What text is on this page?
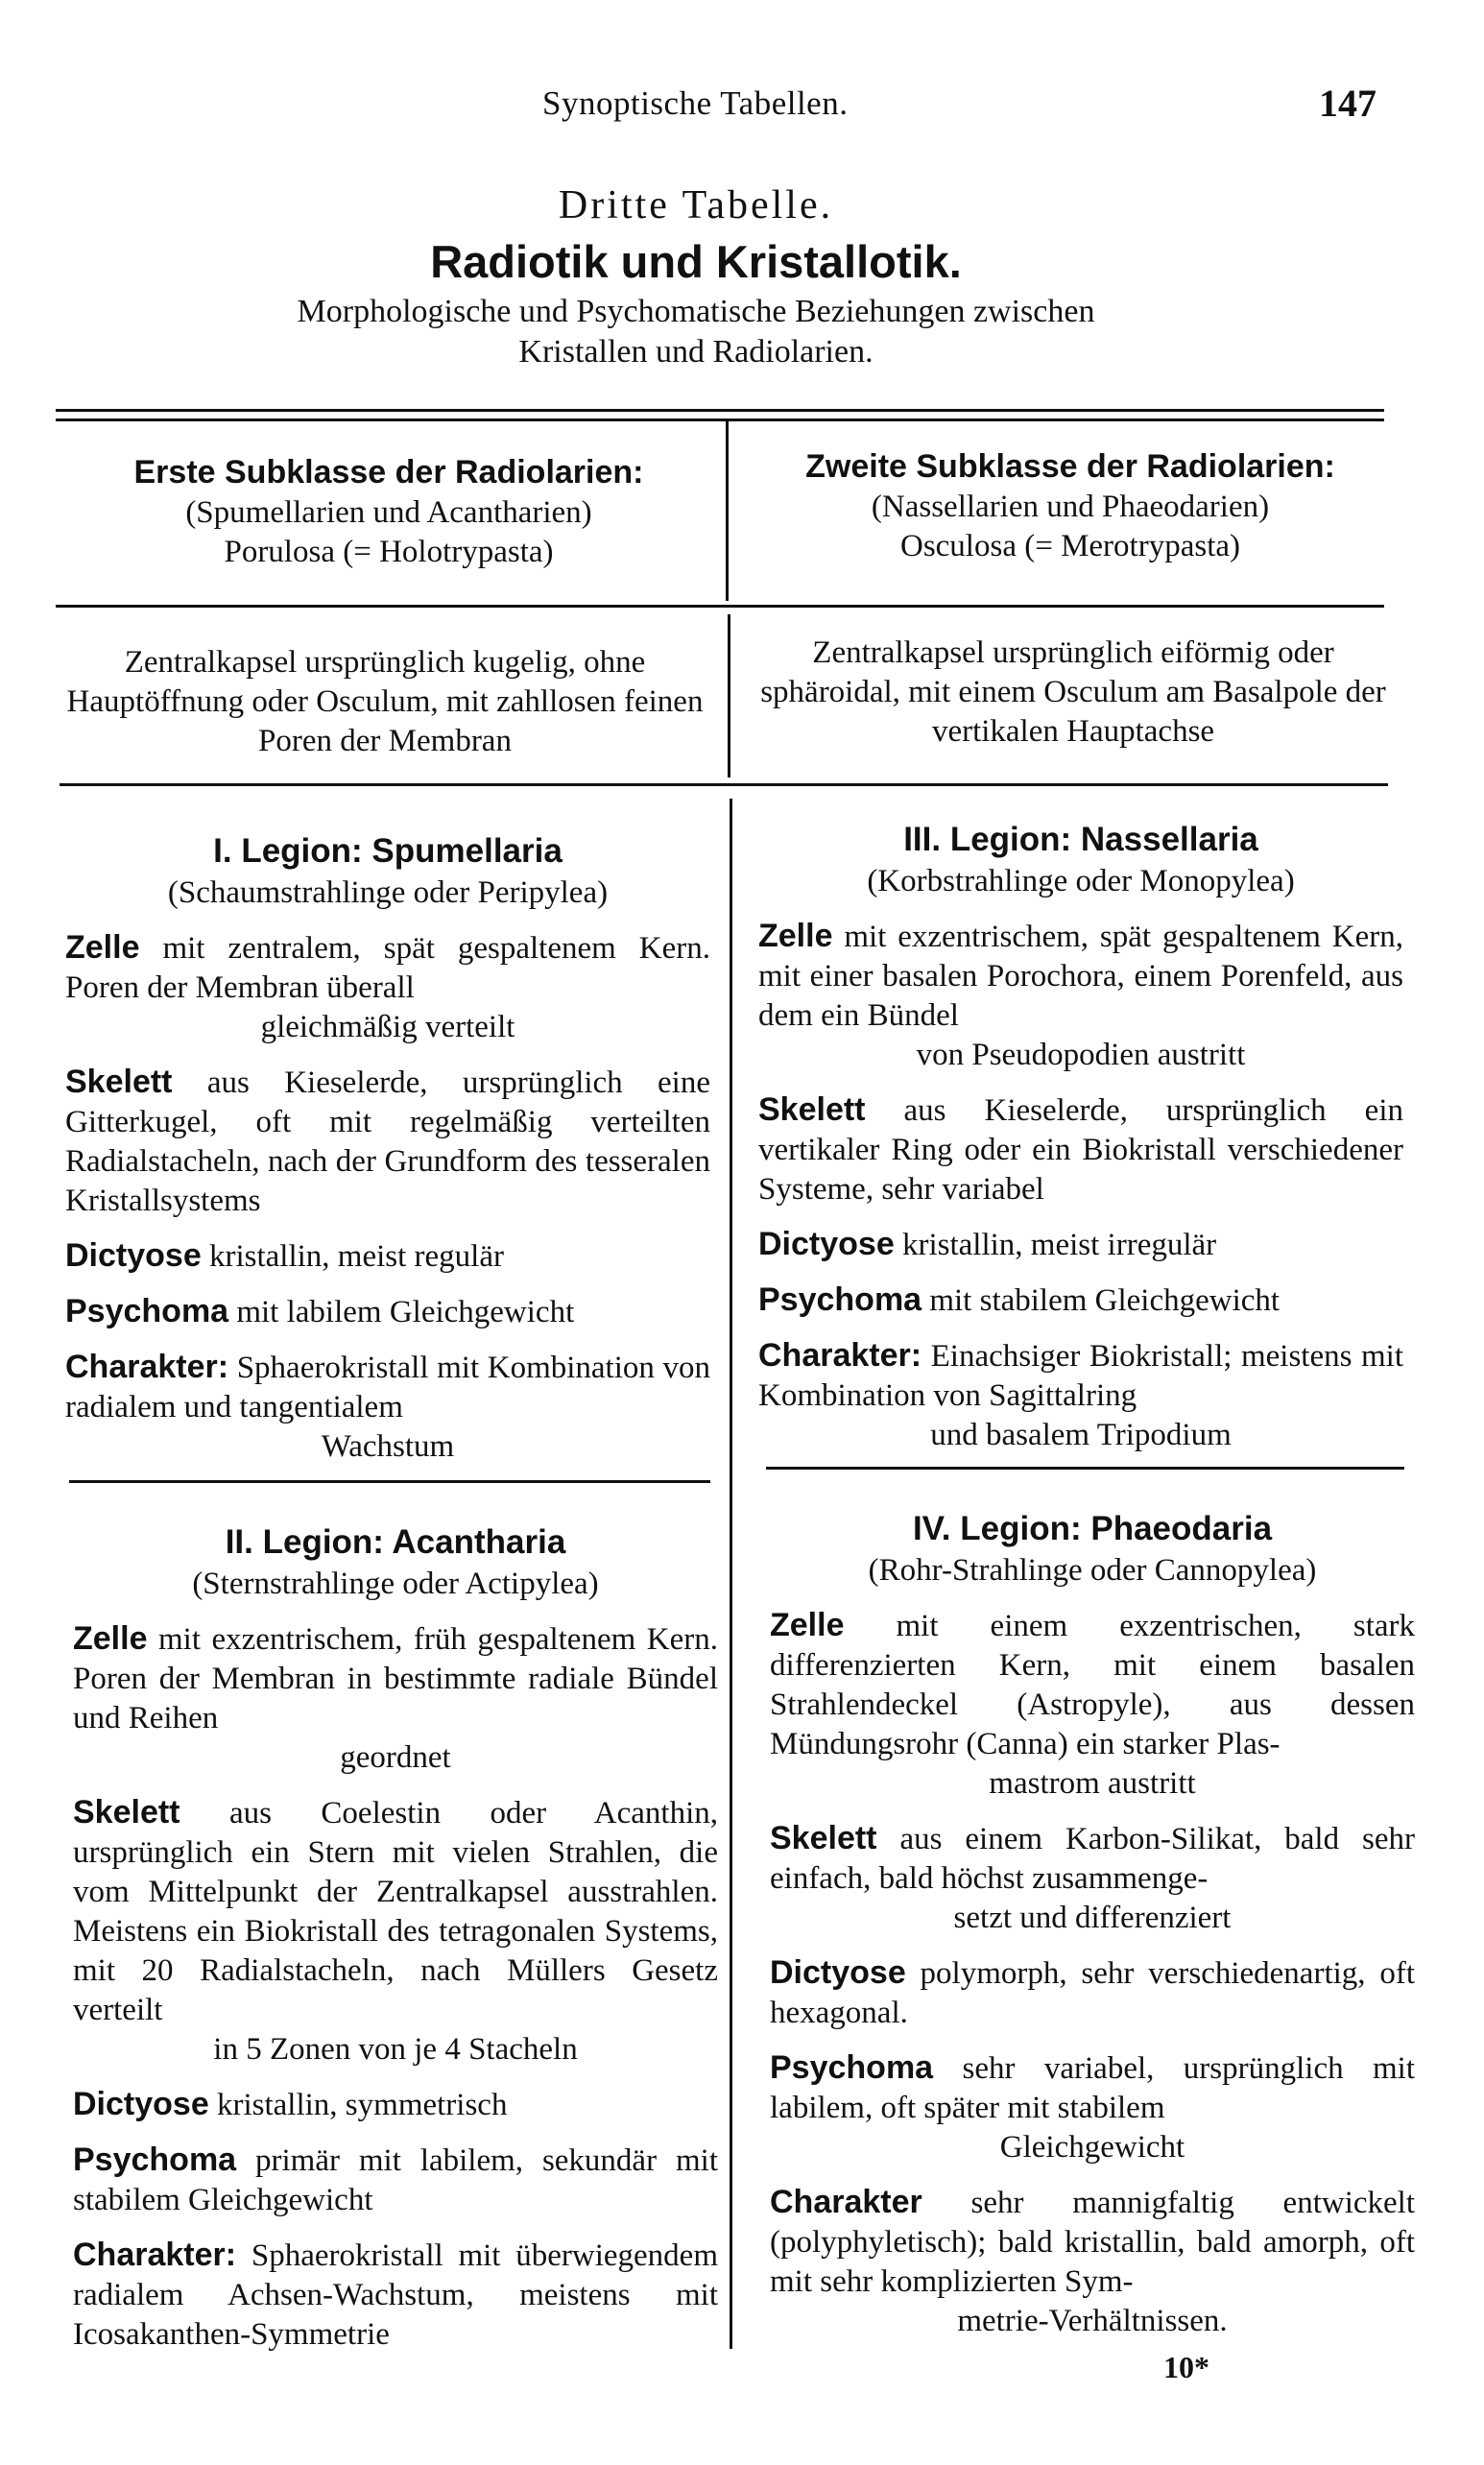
Synoptische Tabellen.	147
Dritte Tabelle.
Radiotik und Kristallotik.
Morphologische und Psychomatische Beziehungen zwischen
Kristallen und Radiolarien.
Erste Subklasse der Radiolarien:
(Spumellarien und Acantharien)
Porulosa (= Holotrypasta)
Zweite Subklasse der Radiolarien:
(Nassellarien und Phaeodarien)
Osculosa (= Merotrypasta)
Zentralkapsel ursprünglich kugelig, ohne Hauptöffnung oder Osculum, mit zahllosen feinen Poren der Membran
Zentralkapsel ursprünglich eiförmig oder sphäroidal, mit einem Osculum am Basalpole der vertikalen Hauptachse
I. Legion: Spumellaria
(Schaumstrahlinge oder Peripylea)
Zelle mit zentralem, spät gespaltenem Kern. Poren der Membran überall
gleichmäßig verteilt
Skelett aus Kieselerde, ursprünglich eine Gitterkugel, oft mit regelmäßig verteilten Radialstacheln, nach der Grundform des tesseralen Kristallsystems
Dictyose kristallin, meist regulär
Psychoma mit labilem Gleichgewicht
Charakter: Sphaerokristall mit Kombination von radialem und tangentialem
Wachstum
III. Legion: Nassellaria
(Korbstrahlinge oder Monopylea)
Zelle mit exzentrischem, spät gespaltenem Kern, mit einer basalen Porochora, einem Porenfeld, aus dem ein Bündel
von Pseudopodien austritt
Skelett aus Kieselerde, ursprünglich ein vertikaler Ring oder ein Biokristall verschiedener Systeme, sehr variabel
Dictyose kristallin, meist irregulär
Psychoma mit stabilem Gleichgewicht
Charakter: Einachsiger Biokristall; meistens mit Kombination von Sagittalring
und basalem Tripodium
II. Legion: Acantharia
(Sternstrahlinge oder Actipylea)
Zelle mit exzentrischem, früh gespaltenem Kern. Poren der Membran in bestimmte radiale Bündel und Reihen
geordnet
Skelett aus Coelestin oder Acanthin, ursprünglich ein Stern mit vielen Strahlen, die vom Mittelpunkt der Zentralkapsel ausstrahlen. Meistens ein Biokristall des tetragonalen Systems, mit 20 Radialstacheln, nach Müllers Gesetz verteilt
in 5 Zonen von je 4 Stacheln
Dictyose kristallin, symmetrisch
Psychoma primär mit labilem, sekundär mit stabilem Gleichgewicht
Charakter: Sphaerokristall mit überwiegendem radialem Achsen-Wachstum, meistens mit Icosakanthen-Symmetrie
IV. Legion: Phaeodaria
(Rohr-Strahlinge oder Cannopylea)
Zelle mit einem exzentrischen, stark differenzierten Kern, mit einem basalen Strahlendeckel (Astropyle), aus dessen Mündungsrohr (Canna) ein starker Plas-
mastrom austritt
Skelett aus einem Karbon-Silikat, bald sehr einfach, bald höchst zusammenge-
setzt und differenziert
Dictyose polymorph, sehr verschiedenartig, oft hexagonal.
Psychoma sehr variabel, ursprünglich mit labilem, oft später mit stabilem
Gleichgewicht
Charakter sehr mannigfaltig entwickelt (polyphyletisch); bald kristallin, bald amorph, oft mit sehr komplizierten Sym-
metrie-Verhältnissen.
10*
